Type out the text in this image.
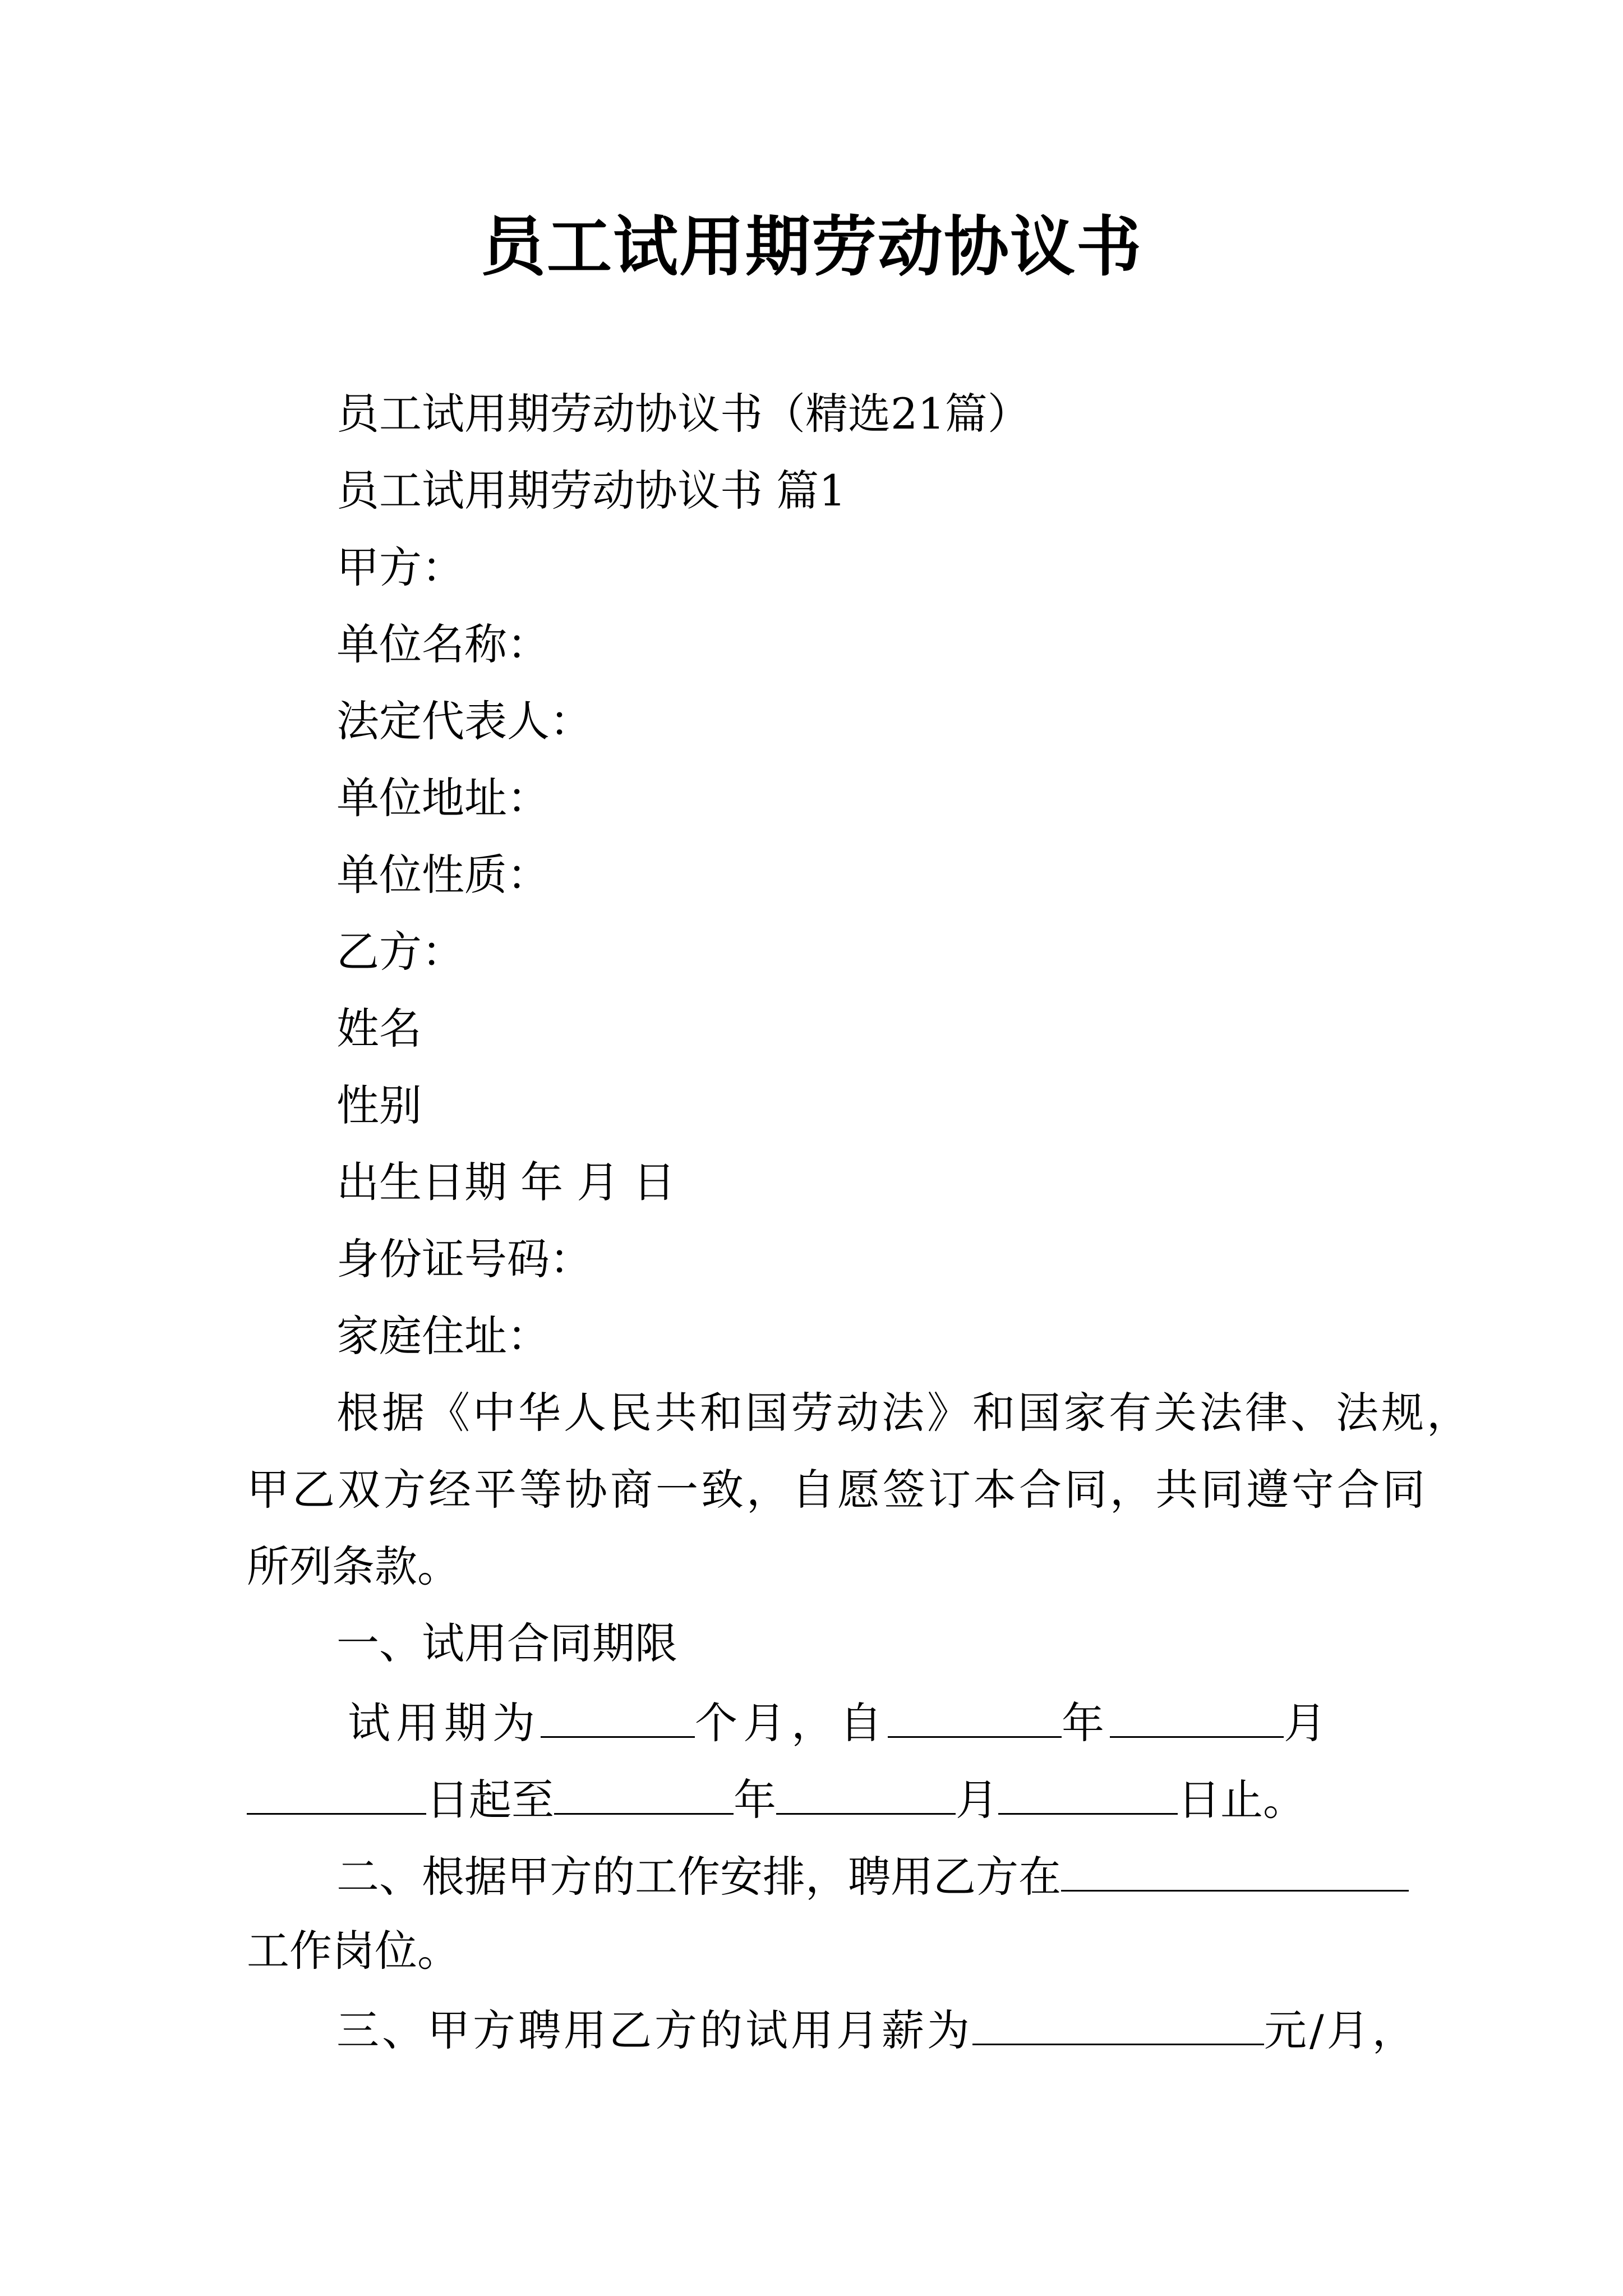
员工试用期劳动协议书
员工试用期劳动协议书（精选21篇）
员工试用期劳动协议书 篇1
甲方：
单位名称：
法定代表人：
单位地址：
单位性质：
乙方：
姓名
性别
出生日期 年 月 日
身份证号码：
家庭住址：
根据《中华人民共和国劳动法》和国家有关法律、法规，
甲乙双方经平等协商一致，自愿签订本合同，共同遵守合同
所列条款。
一、试用合同期限
试用期为	个月，自	年	月
日起至	年	月	日止。
二、根据甲方的工作安排，聘用乙方在
工作岗位。
三、甲方聘用乙方的试用月薪为	元/月，
